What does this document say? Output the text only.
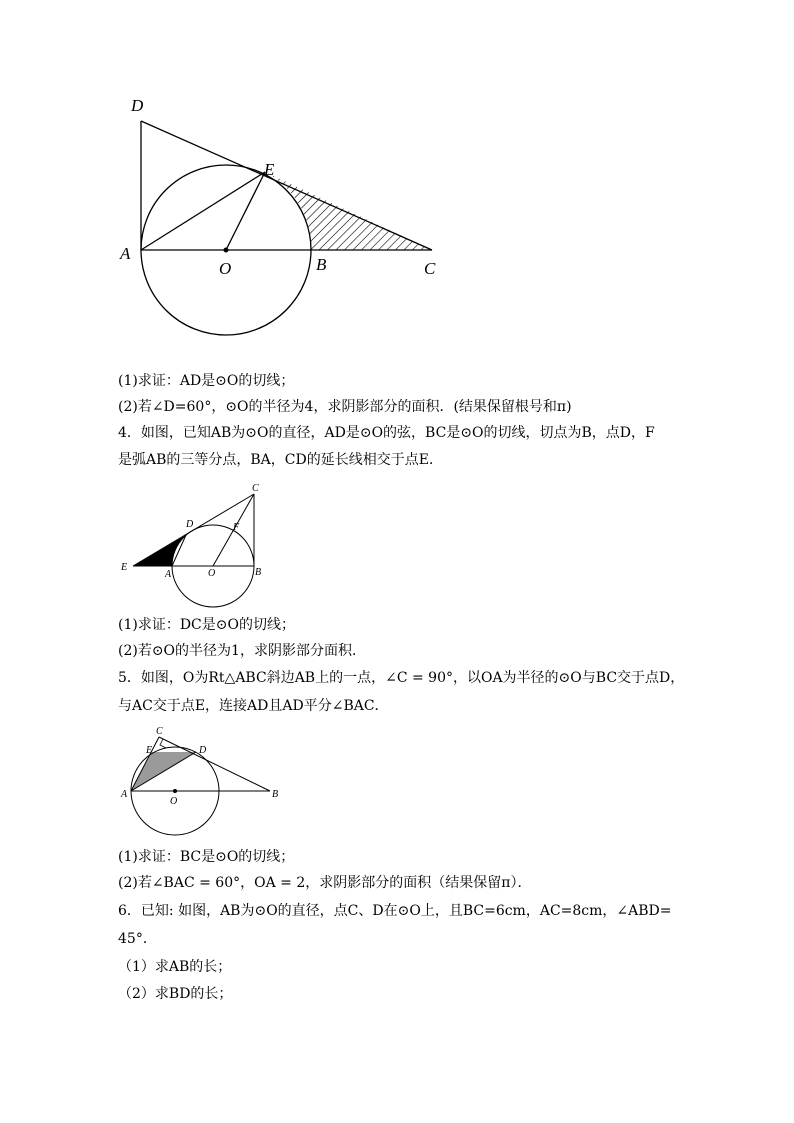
D
E
A
O	B	C
(1)求证：AD是⊙O的切线；
(2)若∠D=60°，⊙O的半径为4，求阴影部分的面积．(结果保留根号和π)
4．如图，已知AB为⊙O的直径，AD是⊙O的弦，BC是⊙O的切线，切点为B，点D，F
是弧AB的三等分点，BA，CD的延长线相交于点E．
C
D	F
E
A	O	B
(1)求证：DC是⊙O的切线；
(2)若⊙O的半径为1，求阴影部分面积．
5．如图，O为Rt△ABC斜边AB上的一点，∠C = 90°，以OA为半径的⊙O与BC交于点D，
与AC交于点E，连接AD且AD平分∠BAC．
C
E	D
A
O
B
(1)求证：BC是⊙O的切线；
(2)若∠BAC = 60°，OA = 2，求阴影部分的面积（结果保留π）．
6．已知: 如图，AB为⊙O的直径，点C、D在⊙O上，且BC=6cm，AC=8cm，∠ABD=
45°．
（1）求AB的长；
（2）求BD的长；
